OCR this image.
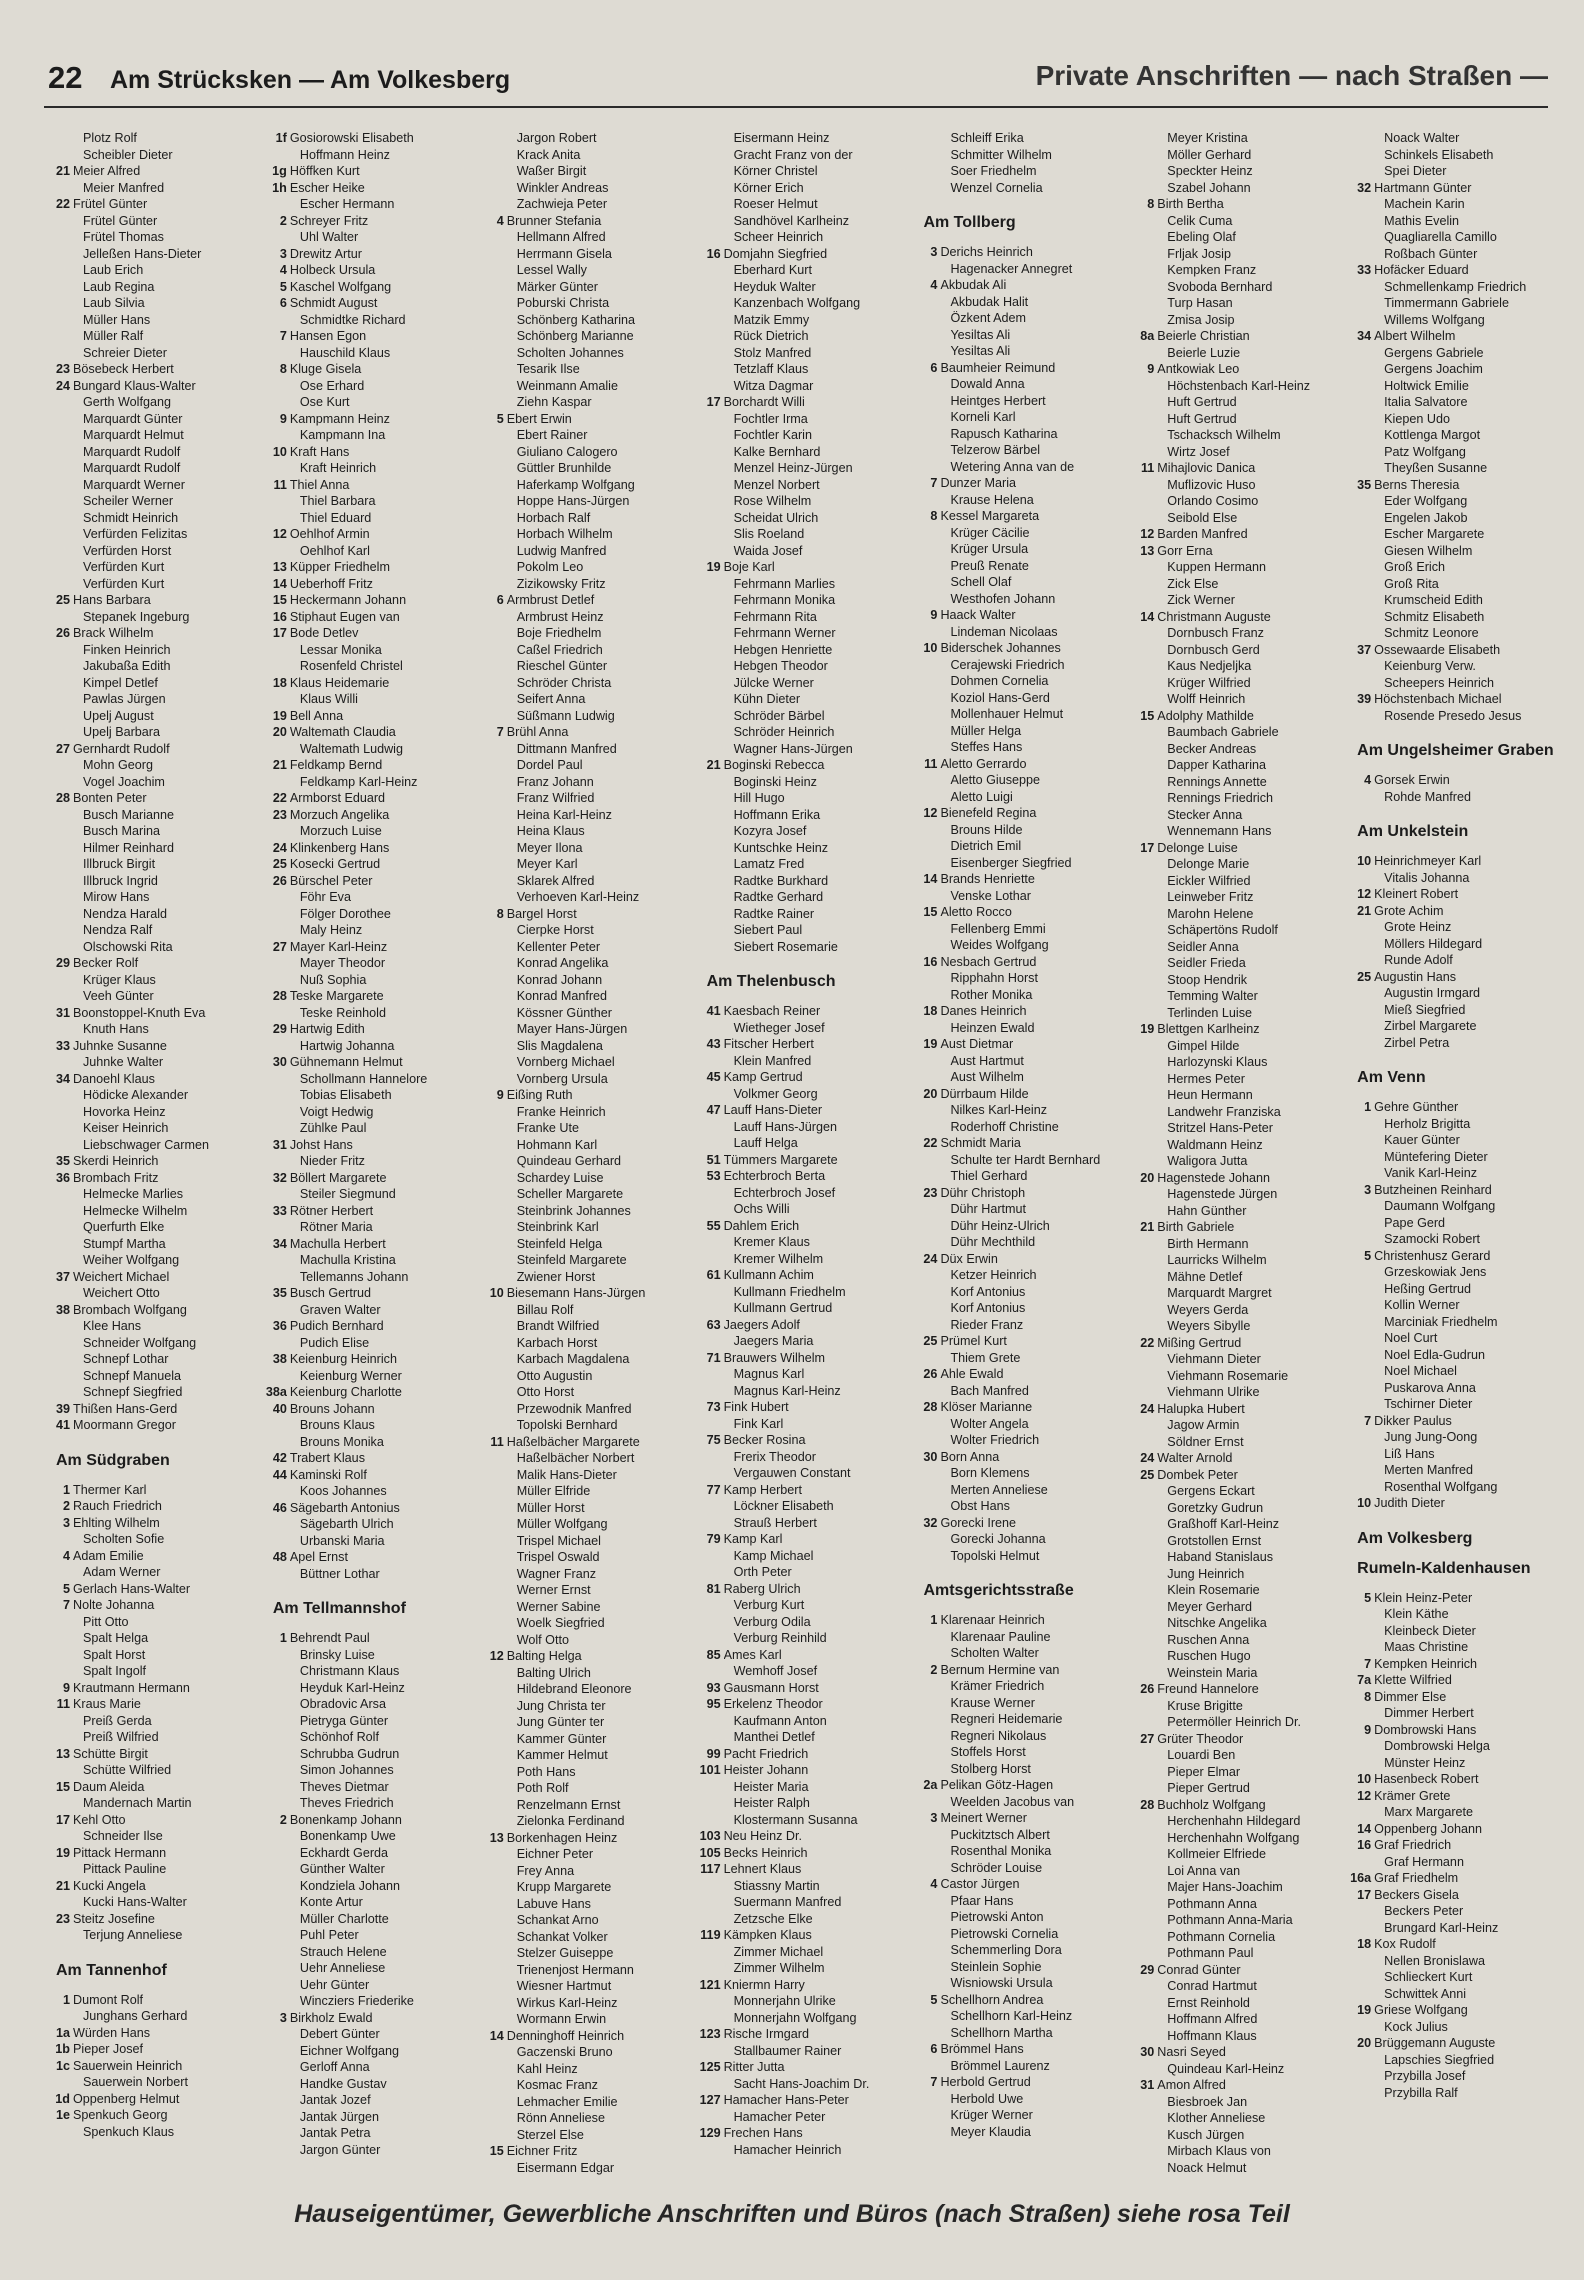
22 Am Strücksken — Am Volkesberg	Private Anschriften — nach Straßen —
Plotz Rolf
Scheibler Dieter
21 Meier Alfred
Meier Manfred
22 Frütel Günter
Frütel Günter
Frütel Thomas
Jelleßen Hans-Dieter
Laub Erich
Laub Regina
Laub Silvia
Müller Hans
Müller Ralf
Schreier Dieter
23 Bösebeck Herbert
24 Bungard Klaus-Walter
Gerth Wolfgang
Marquardt Günter
Marquardt Helmut
Marquardt Rudolf
Marquardt Rudolf
Marquardt Werner
Scheiler Werner
Schmidt Heinrich
Verfürden Felizitas
Verfürden Horst
Verfürden Kurt
Verfürden Kurt
25 Hans Barbara
Stepanek Ingeburg
26 Brack Wilhelm
Finken Heinrich
Jakubaßa Edith
Kimpel Detlef
Pawlas Jürgen
Upelj August
Upelj Barbara
27 Gernhardt Rudolf
Mohn Georg
Vogel Joachim
28 Bonten Peter
Busch Marianne
Busch Marina
Hilmer Reinhard
Illbruck Birgit
Illbruck Ingrid
Mirow Hans
Nendza Harald
Nendza Ralf
Olschowski Rita
29 Becker Rolf
Krüger Klaus
Veeh Günter
31 Boonstoppel-Knuth Eva
Knuth Hans
33 Juhnke Susanne
Juhnke Walter
34 Danoehl Klaus
Hödicke Alexander
Hovorka Heinz
Keiser Heinrich
Liebschwager Carmen
35 Skerdi Heinrich
36 Brombach Fritz
Helmecke Marlies
Helmecke Wilhelm
Querfurth Elke
Stumpf Martha
Weiher Wolfgang
37 Weichert Michael
Weichert Otto
38 Brombach Wolfgang
Klee Hans
Schneider Wolfgang
Schnepf Lothar
Schnepf Manuela
Schnepf Siegfried
39 Thißen Hans-Gerd
41 Moormann Gregor
Am Südgraben
1 Thermer Karl
2 Rauch Friedrich
3 Ehlting Wilhelm
Scholten Sofie
4 Adam Emilie
Adam Werner
5 Gerlach Hans-Walter
7 Nolte Johanna
Pitt Otto
Spalt Helga
Spalt Horst
Spalt Ingolf
9 Krautmann Hermann
11 Kraus Marie
Preiß Gerda
Preiß Wilfried
13 Schütte Birgit
Schütte Wilfried
15 Daum Aleida
Mandernach Martin
17 Kehl Otto
Schneider Ilse
19 Pittack Hermann
Pittack Pauline
21 Kucki Angela
Kucki Hans-Walter
23 Steitz Josefine
Terjung Anneliese
Am Tannenhof
1 Dumont Rolf
Junghans Gerhard
1a Würden Hans
1b Pieper Josef
1c Sauerwein Heinrich
Sauerwein Norbert
1d Oppenberg Helmut
1e Spenkuch Georg
Spenkuch Klaus
1f Gosiorowski Elisabeth
Hoffmann Heinz
1g Höffken Kurt
1h Escher Heike
Escher Hermann
2 Schreyer Fritz
Uhl Walter
3 Drewitz Artur
4 Holbeck Ursula
5 Kaschel Wolfgang
6 Schmidt August
Schmidtke Richard
7 Hansen Egon
Hauschild Klaus
8 Kluge Gisela
Ose Erhard
Ose Kurt
9 Kampmann Heinz
Kampmann Ina
10 Kraft Hans
Kraft Heinrich
11 Thiel Anna
Thiel Barbara
Thiel Eduard
12 Oehlhof Armin
Oehlhof Karl
13 Küpper Friedhelm
14 Ueberhoff Fritz
15 Heckermann Johann
16 Stiphaut Eugen van
17 Bode Detlev
Lessar Monika
Rosenfeld Christel
18 Klaus Heidemarie
Klaus Willi
19 Bell Anna
20 Waltemath Claudia
Waltemath Ludwig
21 Feldkamp Bernd
Feldkamp Karl-Heinz
22 Armborst Eduard
23 Morzuch Angelika
Morzuch Luise
24 Klinkenberg Hans
25 Kosecki Gertrud
26 Bürschel Peter
Föhr Eva
Fölger Dorothee
Maly Heinz
27 Mayer Karl-Heinz
Mayer Theodor
Nuß Sophia
28 Teske Margarete
Teske Reinhold
29 Hartwig Edith
Hartwig Johanna
30 Gühnemann Helmut
Schollmann Hannelore
Tobias Elisabeth
Voigt Hedwig
Zühlke Paul
31 Johst Hans
Nieder Fritz
32 Böllert Margarete
Steiler Siegmund
33 Rötner Herbert
Rötner Maria
34 Machulla Herbert
Machulla Kristina
Tellemanns Johann
35 Busch Gertrud
Graven Walter
36 Pudich Bernhard
Pudich Elise
38 Keienburg Heinrich
Keienburg Werner
38a Keienburg Charlotte
40 Brouns Johann
Brouns Klaus
Brouns Monika
42 Trabert Klaus
44 Kaminski Rolf
Koos Johannes
46 Sägebarth Antonius
Sägebarth Ulrich
Urbanski Maria
48 Apel Ernst
Büttner Lothar
Am Tellmannshof
1 Behrendt Paul
Brinsky Luise
Christmann Klaus
Heyduk Karl-Heinz
Obradovic Arsa
Pietryga Günter
Schönhof Rolf
Schrubba Gudrun
Simon Johannes
Theves Dietmar
Theves Friedrich
2 Bonenkamp Johann
Bonenkamp Uwe
Eckhardt Gerda
Günther Walter
Kondziela Johann
Konte Artur
Müller Charlotte
Puhl Peter
Strauch Helene
Uehr Anneliese
Uehr Günter
Wincziers Friederike
3 Birkholz Ewald
Debert Günter
Eichner Wolfgang
Gerloff Anna
Handke Gustav
Jantak Jozef
Jantak Jürgen
Jantak Petra
Jargon Günter
Jargon Robert
Krack Anita
Waßer Birgit
Winkler Andreas
Zachwieja Peter
4 Brunner Stefania
Hellmann Alfred
Herrmann Gisela
Lessel Wally
Märker Günter
Poburski Christa
Schönberg Katharina
Schönberg Marianne
Scholten Johannes
Tesarik Ilse
Weinmann Amalie
Ziehn Kaspar
5 Ebert Erwin
Ebert Rainer
Giuliano Calogero
Güttler Brunhilde
Haferkamp Wolfgang
Hoppe Hans-Jürgen
Horbach Ralf
Horbach Wilhelm
Ludwig Manfred
Pokolm Leo
Zizikowsky Fritz
6 Armbrust Detlef
Armbrust Heinz
Boje Friedhelm
Caßel Friedrich
Rieschel Günter
Schröder Christa
Seifert Anna
Süßmann Ludwig
7 Brühl Anna
Dittmann Manfred
Dordel Paul
Franz Johann
Franz Wilfried
Heina Karl-Heinz
Heina Klaus
Meyer Ilona
Meyer Karl
Sklarek Alfred
Verhoeven Karl-Heinz
8 Bargel Horst
Cierpke Horst
Kellenter Peter
Konrad Angelika
Konrad Johann
Konrad Manfred
Kössner Günther
Mayer Hans-Jürgen
Slis Magdalena
Vornberg Michael
Vornberg Ursula
9 Eißing Ruth
Franke Heinrich
Franke Ute
Hohmann Karl
Quindeau Gerhard
Schardey Luise
Scheller Margarete
Steinbrink Johannes
Steinbrink Karl
Steinfeld Helga
Steinfeld Margarete
Zwiener Horst
10 Biesemann Hans-Jürgen
Billau Rolf
Brandt Wilfried
Karbach Horst
Karbach Magdalena
Otto Augustin
Otto Horst
Przewodnik Manfred
Topolski Bernhard
11 Haßelbächer Margarete
Haßelbächer Norbert
Malik Hans-Dieter
Müller Elfride
Müller Horst
Müller Wolfgang
Trispel Michael
Trispel Oswald
Wagner Franz
Werner Ernst
Werner Sabine
Woelk Siegfried
Wolf Otto
12 Balting Helga
Balting Ulrich
Hildebrand Eleonore
Jung Christa ter
Jung Günter ter
Kammer Günter
Kammer Helmut
Poth Hans
Poth Rolf
Renzelmann Ernst
Zielonka Ferdinand
13 Borkenhagen Heinz
Eichner Peter
Frey Anna
Krupp Margarete
Labuve Hans
Schankat Arno
Schankat Volker
Stelzer Guiseppe
Trienenjost Hermann
Wiesner Hartmut
Wirkus Karl-Heinz
Wormann Erwin
14 Denninghoff Heinrich
Gaczenski Bruno
Kahl Heinz
Kosmac Franz
Lehmacher Emilie
Rönn Anneliese
Sterzel Else
15 Eichner Fritz
Eisermann Edgar
Eisermann Heinz
Gracht Franz von der
Körner Christel
Körner Erich
Roeser Helmut
Sandhövel Karlheinz
Scheer Heinrich
16 Domjahn Siegfried
Eberhard Kurt
Heyduk Walter
Kanzenbach Wolfgang
Matzik Emmy
Rück Dietrich
Stolz Manfred
Tetzlaff Klaus
Witza Dagmar
17 Borchardt Willi
Fochtler Irma
Fochtler Karin
Kalke Bernhard
Menzel Heinz-Jürgen
Menzel Norbert
Rose Wilhelm
Scheidat Ulrich
Slis Roeland
Waida Josef
19 Boje Karl
Fehrmann Marlies
Fehrmann Monika
Fehrmann Rita
Fehrmann Werner
Hebgen Henriette
Hebgen Theodor
Jülcke Werner
Kühn Dieter
Schröder Bärbel
Schröder Heinrich
Wagner Hans-Jürgen
21 Boginski Rebecca
Boginski Heinz
Hill Hugo
Hoffmann Erika
Kozyra Josef
Kuntschke Heinz
Lamatz Fred
Radtke Burkhard
Radtke Gerhard
Radtke Rainer
Siebert Paul
Siebert Rosemarie
Am Thelenbusch
41 Kaesbach Reiner
Wietheger Josef
43 Fitscher Herbert
Klein Manfred
45 Kamp Gertrud
Volkmer Georg
47 Lauff Hans-Dieter
Lauff Hans-Jürgen
Lauff Helga
51 Tümmers Margarete
53 Echterbroch Berta
Echterbroch Josef
Ochs Willi
55 Dahlem Erich
Kremer Klaus
Kremer Wilhelm
61 Kullmann Achim
Kullmann Friedhelm
Kullmann Gertrud
63 Jaegers Adolf
Jaegers Maria
71 Brauwers Wilhelm
Magnus Karl
Magnus Karl-Heinz
73 Fink Hubert
Fink Karl
75 Becker Rosina
Frerix Theodor
Vergauwen Constant
77 Kamp Herbert
Löckner Elisabeth
Strauß Herbert
79 Kamp Karl
Kamp Michael
Orth Peter
81 Raberg Ulrich
Verburg Kurt
Verburg Odila
Verburg Reinhild
85 Ames Karl
Wemhoff Josef
93 Gausmann Horst
95 Erkelenz Theodor
Kaufmann Anton
Manthei Detlef
99 Pacht Friedrich
101 Heister Johann
Heister Maria
Heister Ralph
Klostermann Susanna
103 Neu Heinz Dr.
105 Becks Heinrich
117 Lehnert Klaus
Stiassny Martin
Suermann Manfred
Zetzsche Elke
119 Kämpken Klaus
Zimmer Michael
Zimmer Wilhelm
121 Kniermn Harry
Monnerjahn Ulrike
Monnerjahn Wolfgang
123 Rische Irmgard
Stallbaumer Rainer
125 Ritter Jutta
Sacht Hans-Joachim Dr.
127 Hamacher Hans-Peter
Hamacher Peter
129 Frechen Hans
Hamacher Heinrich
Schleiff Erika
Schmitter Wilhelm
Soer Friedhelm
Wenzel Cornelia
Am Tollberg
3 Derichs Heinrich
Hagenacker Annegret
4 Akbudak Ali
Akbudak Halit
Özkent Adem
Yesiltas Ali
Yesiltas Ali
6 Baumheier Reimund
Dowald Anna
Heintges Herbert
Korneli Karl
Rapusch Katharina
Telzerow Bärbel
Wetering Anna van de
7 Dunzer Maria
Krause Helena
8 Kessel Margareta
Krüger Cäcilie
Krüger Ursula
Preuß Renate
Schell Olaf
Westhofen Johann
9 Haack Walter
Lindeman Nicolaas
10 Biderschek Johannes
Cerajewski Friedrich
Dohmen Cornelia
Koziol Hans-Gerd
Mollenhauer Helmut
Müller Helga
Steffes Hans
11 Aletto Gerrardo
Aletto Giuseppe
Aletto Luigi
12 Bienefeld Regina
Brouns Hilde
Dietrich Emil
Eisenberger Siegfried
14 Brands Henriette
Venske Lothar
15 Aletto Rocco
Fellenberg Emmi
Weides Wolfgang
16 Nesbach Gertrud
Ripphahn Horst
Rother Monika
18 Danes Heinrich
Heinzen Ewald
19 Aust Dietmar
Aust Hartmut
Aust Wilhelm
20 Dürrbaum Hilde
Nilkes Karl-Heinz
Roderhoff Christine
22 Schmidt Maria
Schulte ter Hardt Bernhard
Thiel Gerhard
23 Dühr Christoph
Dühr Hartmut
Dühr Heinz-Ulrich
Dühr Mechthild
24 Düx Erwin
Ketzer Heinrich
Korf Antonius
Korf Antonius
Rieder Franz
25 Prümel Kurt
Thiem Grete
26 Ahle Ewald
Bach Manfred
28 Klöser Marianne
Wolter Angela
Wolter Friedrich
30 Born Anna
Born Klemens
Merten Anneliese
Obst Hans
32 Gorecki Irene
Gorecki Johanna
Topolski Helmut
Amtsgerichtsstraße
1 Klarenaar Heinrich
Klarenaar Pauline
Scholten Walter
2 Bernum Hermine van
Krämer Friedrich
Krause Werner
Regneri Heidemarie
Regneri Nikolaus
Stoffels Horst
Stolberg Horst
2a Pelikan Götz-Hagen
Weelden Jacobus van
3 Meinert Werner
Puckitztsch Albert
Rosenthal Monika
Schröder Louise
4 Castor Jürgen
Pfaar Hans
Pietrowski Anton
Pietrowski Cornelia
Schemmerling Dora
Steinlein Sophie
Wisniowski Ursula
5 Schellhorn Andrea
Schellhorn Karl-Heinz
Schellhorn Martha
6 Brömmel Hans
Brömmel Laurenz
7 Herbold Gertrud
Herbold Uwe
Krüger Werner
Meyer Klaudia
Meyer Kristina
Möller Gerhard
Speckter Heinz
Szabel Johann
8 Birth Bertha
Celik Cuma
Ebeling Olaf
Frljak Josip
Kempken Franz
Svoboda Bernhard
Turp Hasan
Zmisa Josip
8a Beierle Christian
Beierle Luzie
9 Antkowiak Leo
Höchstenbach Karl-Heinz
Huft Gertrud
Huft Gertrud
Tschacksch Wilhelm
Wirtz Josef
11 Mihajlovic Danica
Muflizovic Huso
Orlando Cosimo
Seibold Else
12 Barden Manfred
13 Gorr Erna
Kuppen Hermann
Zick Else
Zick Werner
14 Christmann Auguste
Dornbusch Franz
Dornbusch Gerd
Kaus Nedjeljka
Krüger Wilfried
Wolff Heinrich
15 Adolphy Mathilde
Baumbach Gabriele
Becker Andreas
Dapper Katharina
Rennings Annette
Rennings Friedrich
Stecker Anna
Wennemann Hans
17 Delonge Luise
Delonge Marie
Eickler Wilfried
Leinweber Fritz
Marohn Helene
Schäpertöns Rudolf
Seidler Anna
Seidler Frieda
Stoop Hendrik
Temming Walter
Terlinden Luise
19 Blettgen Karlheinz
Gimpel Hilde
Harlozynski Klaus
Hermes Peter
Heun Hermann
Landwehr Franziska
Stritzel Hans-Peter
Waldmann Heinz
Waligora Jutta
20 Hagenstede Johann
Hagenstede Jürgen
Hahn Günther
21 Birth Gabriele
Birth Hermann
Laurricks Wilhelm
Mähne Detlef
Marquardt Margret
Weyers Gerda
Weyers Sibylle
22 Mißing Gertrud
Viehmann Dieter
Viehmann Rosemarie
Viehmann Ulrike
24 Halupka Hubert
Jagow Armin
Söldner Ernst
24 Walter Arnold
25 Dombek Peter
Gergens Eckart
Goretzky Gudrun
Graßhoff Karl-Heinz
Grotstollen Ernst
Haband Stanislaus
Jung Heinrich
Klein Rosemarie
Meyer Gerhard
Nitschke Angelika
Ruschen Anna
Ruschen Hugo
Weinstein Maria
26 Freund Hannelore
Kruse Brigitte
Petermöller Heinrich Dr.
27 Grüter Theodor
Louardi Ben
Pieper Elmar
Pieper Gertrud
28 Buchholz Wolfgang
Herchenhahn Hildegard
Herchenhahn Wolfgang
Kollmeier Elfriede
Loi Anna van
Majer Hans-Joachim
Pothmann Anna
Pothmann Anna-Maria
Pothmann Cornelia
Pothmann Paul
29 Conrad Günter
Conrad Hartmut
Ernst Reinhold
Hoffmann Alfred
Hoffmann Klaus
30 Nasri Seyed
Quindeau Karl-Heinz
31 Amon Alfred
Biesbroek Jan
Klother Anneliese
Kusch Jürgen
Mirbach Klaus von
Noack Helmut
Noack Walter
Schinkels Elisabeth
Spei Dieter
32 Hartmann Günter
Machein Karin
Mathis Evelin
Quagliarella Camillo
Roßbach Günter
33 Hofäcker Eduard
Schmellenkamp Friedrich
Timmermann Gabriele
Willems Wolfgang
34 Albert Wilhelm
Gergens Gabriele
Gergens Joachim
Holtwick Emilie
Italia Salvatore
Kiepen Udo
Kottlenga Margot
Patz Wolfgang
Theyßen Susanne
35 Berns Theresia
Eder Wolfgang
Engelen Jakob
Escher Margarete
Giesen Wilhelm
Groß Erich
Groß Rita
Krumscheid Edith
Schmitz Elisabeth
Schmitz Leonore
37 Ossewaarde Elisabeth
Keienburg Verw.
Scheepers Heinrich
39 Höchstenbach Michael
Rosende Presedo Jesus
Am Ungelsheimer Graben
4 Gorsek Erwin
Rohde Manfred
Am Unkelstein
10 Heinrichmeyer Karl
Vitalis Johanna
12 Kleinert Robert
21 Grote Achim
Grote Heinz
Möllers Hildegard
Runde Adolf
25 Augustin Hans
Augustin Irmgard
Mieß Siegfried
Zirbel Margarete
Zirbel Petra
Am Venn
1 Gehre Günther
Herholz Brigitta
Kauer Günter
Müntefering Dieter
Vanik Karl-Heinz
3 Butzheinen Reinhard
Daumann Wolfgang
Pape Gerd
Szamocki Robert
5 Christenhusz Gerard
Grzeskowiak Jens
Heßing Gertrud
Kollin Werner
Marciniak Friedhelm
Noel Curt
Noel Edla-Gudrun
Noel Michael
Puskarova Anna
Tschirner Dieter
7 Dikker Paulus
Jung Jung-Oong
Liß Hans
Merten Manfred
Rosenthal Wolfgang
10 Judith Dieter
Am Volkesberg
Rumeln-Kaldenhausen
5 Klein Heinz-Peter
Klein Käthe
Kleinbeck Dieter
Maas Christine
7 Kempken Heinrich
7a Klette Wilfried
8 Dimmer Else
Dimmer Herbert
9 Dombrowski Hans
Dombrowski Helga
Münster Heinz
10 Hasenbeck Robert
12 Krämer Grete
Marx Margarete
14 Oppenberg Johann
16 Graf Friedrich
Graf Hermann
16a Graf Friedhelm
17 Beckers Gisela
Beckers Peter
Brungard Karl-Heinz
18 Kox Rudolf
Nellen Bronislawa
Schlieckert Kurt
Schwittek Anni
19 Griese Wolfgang
Kock Julius
20 Brüggemann Auguste
Lapschies Siegfried
Przybilla Josef
Przybilla Ralf
Hauseigentümer, Gewerbliche Anschriften und Büros (nach Straßen) siehe rosa Teil
